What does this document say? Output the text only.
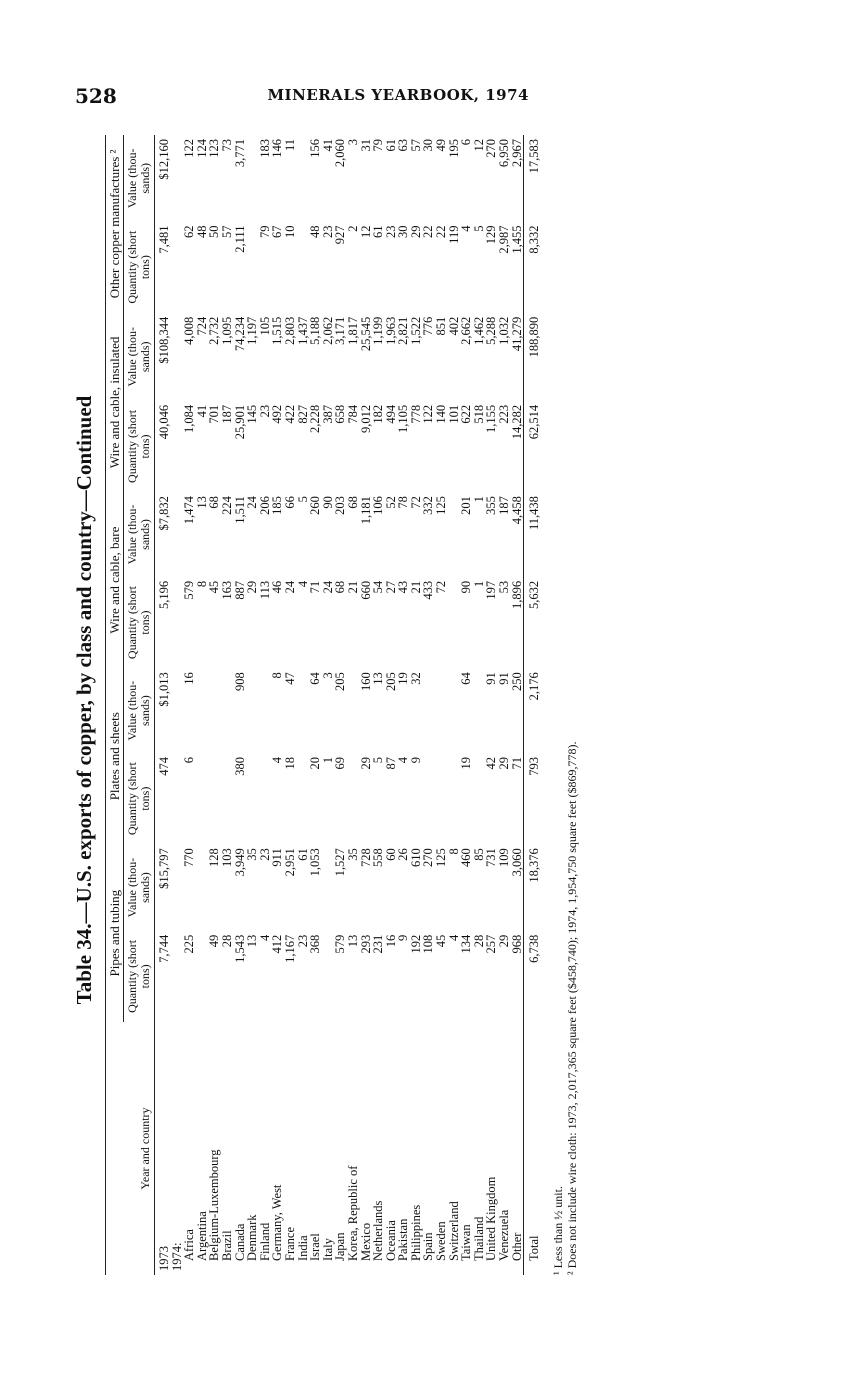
528	MINERALS YEARBOOK, 1974
Table 34.—U.S. exports of copper, by class and country—Continued
Year and country	Pipes and tubing		Plates and sheets		Wire and cable, bare		Wire and cable, insulated		Other copper manufactures ²	
	Quantity (short tons)	Value (thou- sands)	Quantity (short tons)	Value (thou- sands)	Quantity (short tons)	Value (thou- sands)	Quantity (short tons)	Value (thou- sands)	Quantity (short tons)	Value (thou- sands)
1973	7,744	$15,797	474	$1,013	5,196	$7,832	40,046	$108,344	7,481	$12,160
1974:										
Africa	225	770	6	16	579	1,474	1,084	4,008	62	122
Argentina					8	13	41	724	48	124
Belgium-Luxembourg	49	128			45	68	701	2,732	50	123
Brazil	28	103			163	224	187	1,095	57	73
Canada	1,543	3,949	380	908	887	1,511	25,901	74,234	2,111	3,771
Denmark	13	35			29	24	145	1,197		
Finland	4	23			113	206	23	105	79	183
Germany, West	412	911	4	8	46	185	492	1,515	67	146
France	1,167	2,951	18	47	24	66	422	2,803	10	11
India	23	61			4	5	827	1,437		
Israel	368	1,053	20	64	71	260	2,228	5,188	48	156
Italy			1	3	24	90	387	2,062	23	41
Japan	579	1,527	69	205	68	203	658	3,171	927	2,060
Korea, Republic of	13	35			21	68	784	1,817	2	3
Mexico	293	728	29	160	660	1,181	9,012	25,545	12	31
Netherlands	231	558	5	13	54	106	182	1,199	61	79
Oceania	16	60	87	205	27	52	494	1,963	23	61
Pakistan	9	26	4	19	43	78	1,105	2,821	30	63
Philippines	192	610	9	32	21	72	778	1,522	29	57
Spain	108	270			433	332	122	776	22	30
Sweden	45	125			72	125	140	851	22	49
Switzerland	4	8					101	402	119	195
Taiwan	134	460	19	64	90	201	622	2,662	4	6
Thailand	28	85			1	1	518	1,462	5	12
United Kingdom	257	731	42	91	197	355	1,155	5,288	129	270
Venezuela	29	109	29	91	53	187	223	1,032	2,987	6,950
Other	968	3,060	71	250	1,896	4,458	14,282	41,279	1,455	2,967
Total	6,738	18,376	793	2,176	5,632	11,438	62,514	188,890	8,332	17,583
¹ Less than ½ unit. ² Does not include wire cloth: 1973, 2,017,365 square feet ($458,740); 1974, 1,954,750 square feet ($869,778).
